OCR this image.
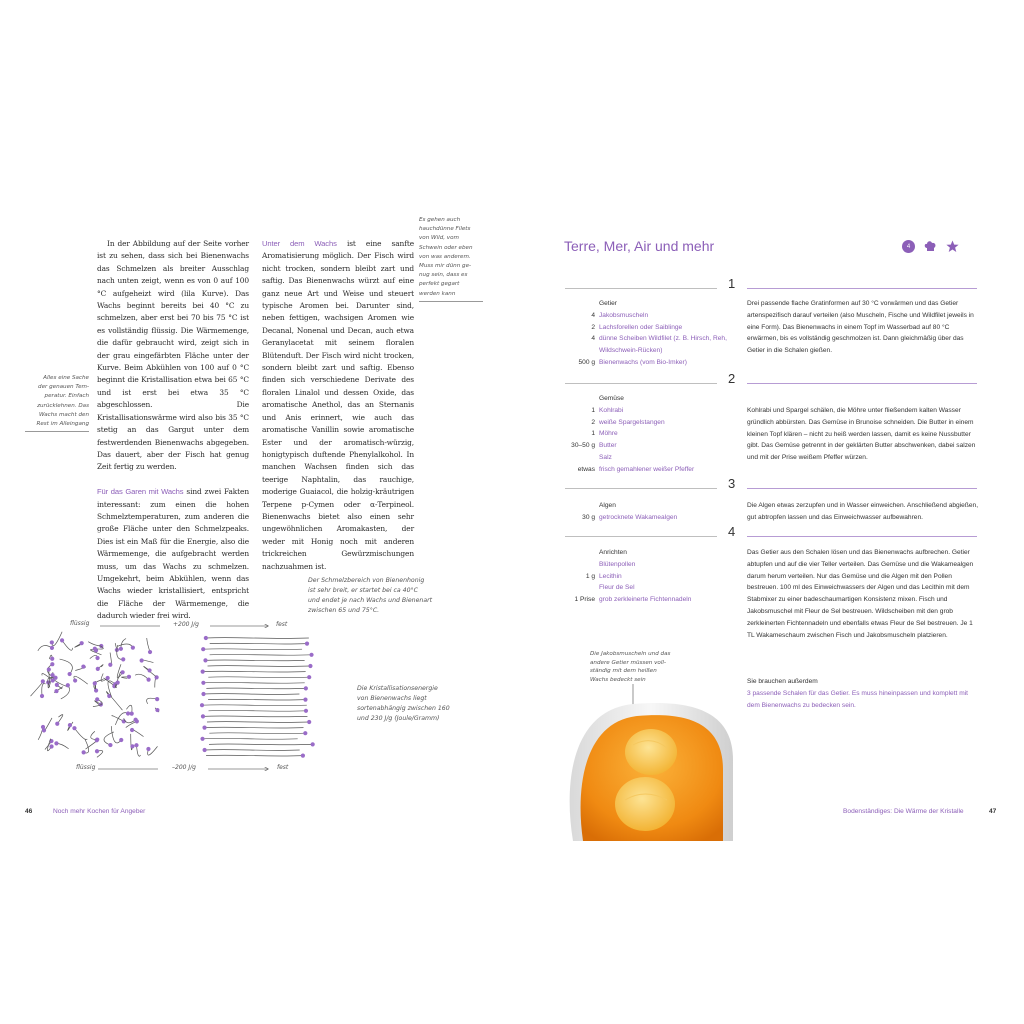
Alles eine Sache

der genauen Tem-

peratur. Einfach

zurücklehnen. Das

Wachs macht den

Rest im Alleingang

In der Abbildung auf der Seite vorher ist zu sehen, dass sich bei Bienenwachs das Schmelzen als breiter Ausschlag nach unten zeigt, wenn es von 0 auf 100 °C aufgeheizt wird (lila Kurve). Das Wachs beginnt bereits bei 40 °C zu schmelzen, aber erst bei 70 bis 75 °C ist es vollständig flüssig. Die Wärmemenge, die dafür gebraucht wird, zeigt sich in der grau eingefärbten Fläche unter der Kurve. Beim Abkühlen von 100 auf 0 °C beginnt die Kristallisation etwa bei 65 °C und ist erst bei etwa 35 °C abgeschlossen. Die Kristallisationswärme wird also bis 35 °C stetig an das Gargut unter dem festwerdenden Bienenwachs abgegeben. Das dauert, aber der Fisch hat genug Zeit fertig zu werden.

Für das Garen mit Wachs sind zwei Fakten interessant: zum einen die hohen Schmelztemperaturen, zum anderen die große Fläche unter den Schmelzpeaks. Dies ist ein Maß für die Energie, also die Wärmemenge, die aufgebracht werden muss, um das Wachs zu schmelzen. Umgekehrt, beim Abkühlen, wenn das Wachs wieder kristallisiert, entspricht die Fläche der Wärmemenge, die dadurch wieder frei wird.

Unter dem Wachs ist eine sanfte Aromatisierung möglich. Der Fisch wird nicht trocken, sondern bleibt zart und saftig. Das Bienenwachs würzt auf eine ganz neue Art und Weise und steuert typische Aromen bei. Darunter sind, neben fettigen, wachsigen Aromen wie Decanal, Nonenal und Decan, auch etwa Geranylacetat mit seinem floralen Blütenduft. Der Fisch wird nicht trocken, sondern bleibt zart und saftig. Ebenso finden sich verschiedene Derivate des floralen Linalol und dessen Oxide, das aromatische Anethol, das an Sternanis und Anis erinnert, wie auch das aromatische Vanillin sowie aromatische Ester und der aromatisch-würzig, honigtypisch duftende Phenylalkohol. In manchen Wachsen finden sich das teerige Naphtalin, das rauchige, moderige Guaiacol, die holzig-kräutrigen Terpene p-Cymen oder α-Terpineol. Bienenwachs bietet also einen sehr ungewöhnlichen Aromakasten, der weder mit Honig noch mit anderen trickreichen Gewürzmischungen nachzuahmen ist.

Es gehen auch

hauchdünne Filets

von Wild, vom

Schwein oder eben

von was anderem.

Muss mir dünn ge-

nug sein, dass es

perfekt gegart

werden kann

Der Schmelzbereich von Bienenhonig

ist sehr breit, er startet bei ca 40°C

und endet je nach Wachs und Bienenart

zwischen 65 und 75°C.

Die Kristallisationsenergie

von Bienenwachs liegt

sortenabhängig zwischen 160

und 230 J/g (Joule/Gramm)

flüssig	+200 J/g	fest
flüssig	–200 J/g	fest
46	Noch mehr Kochen für Angeber
Terre, Mer, Air und mehr	4
1
Getier
4 Jakobsmuscheln
2 Lachsforellen oder Saiblinge
4 dünne Scheiben Wildfilet (z. B. Hirsch, Reh,
Wildschwein-Rücken)
500 g Bienenwachs (vom Bio-Imker)

Drei passende flache Gratinformen auf 30 °C vorwärmen und das Getier artenspezifisch darauf verteilen (also Muscheln, Fische und Wildfilet jeweils in eine Form). Das Bienenwachs in einem Topf im Wasserbad auf 80 °C erwärmen, bis es vollständig geschmolzen ist. Dann gleichmäßig über das Getier in die Schalen gießen.

2
Gemüse
1 Kohlrabi
2 weiße Spargelstangen
1 Möhre
30–50 g Butter
Salz
etwas frisch gemahlener weißer Pfeffer

Kohlrabi und Spargel schälen, die Möhre unter fließendem kalten Wasser gründlich abbürsten. Das Gemüse in Brunoise schneiden. Die Butter in einem kleinen Topf klären – nicht zu heiß werden lassen, damit es keine Nussbutter gibt. Das Gemüse getrennt in der geklärten Butter abschwenken, dabei salzen und mit der Prise weißem Pfeffer würzen.

3
Algen
30 g getrocknete Wakamealgen

Die Algen etwas zerzupfen und in Wasser einweichen. Anschließend abgießen, gut abtropfen lassen und das Einweichwasser aufbewahren.

4
Anrichten
Blütenpollen
1 g Lecithin
Fleur de Sel
1 Prise grob zerkleinerte Fichtennadeln

Das Getier aus den Schalen lösen und das Bienenwachs aufbrechen. Getier abtupfen und auf die vier Teller verteilen. Das Gemüse und die Wakamealgen darum herum verteilen. Nur das Gemüse und die Algen mit den Pollen bestreuen. 100 ml des Einweichwassers der Algen und das Lecithin mit dem Stabmixer zu einer badeschaumartigen Konsistenz mixen. Fisch und Jakobsmuschel mit Fleur de Sel bestreuen. Wildscheiben mit den grob zerkleinerten Fichtennadeln und ebenfalls etwas Fleur de Sel bestreuen. Je 1 TL Wakameschaum zwischen Fisch und Jakobsmuscheln platzieren.

Sie brauchen außerdem

3 passende Schalen für das Getier. Es muss hineinpassen und komplett mit dem Bienenwachs zu bedecken sein.

Die Jakobsmuscheln und das

andere Getier müssen voll-

ständig mit dem heißen

Wachs bedeckt sein

Bodenständiges: Die Wärme der Kristalle	47
